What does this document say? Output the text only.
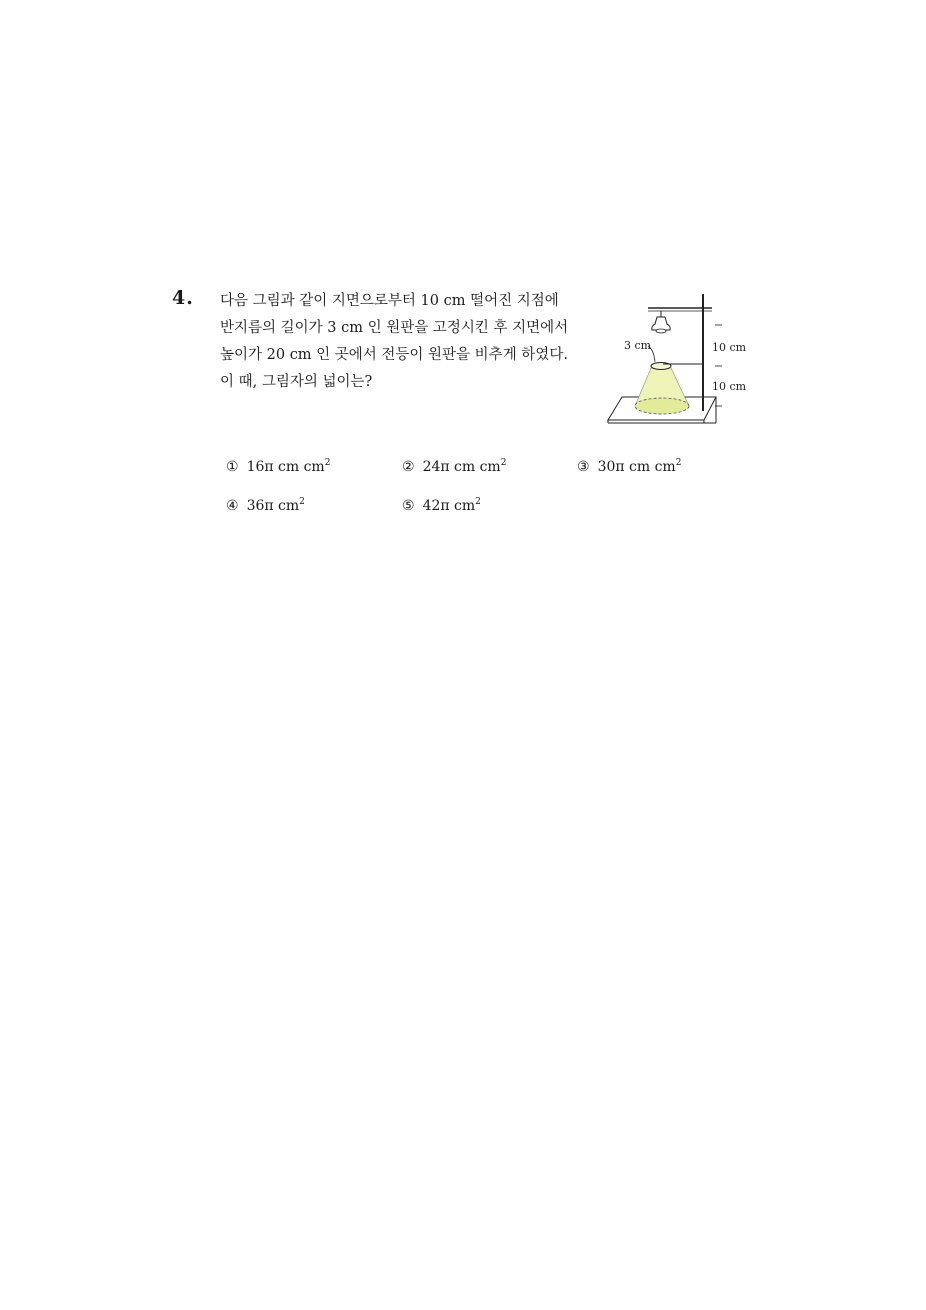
4. 다음 그림과 같이 지면으로부터 10 cm 떨어진 지점에
반지름의 길이가 3 cm 인 원판을 고정시킨 후 지면에서
높이가 20 cm 인 곳에서 전등이 원판을 비추게 하였다.
이 때, 그림자의 넓이는?
3 cm	10 cm
10 cm
① 16π cm $cm^2$	② 24π cm $cm^2$	③ 30π cm $cm^2$
④ 36π $cm^2$	⑤ 42π $cm^2$
